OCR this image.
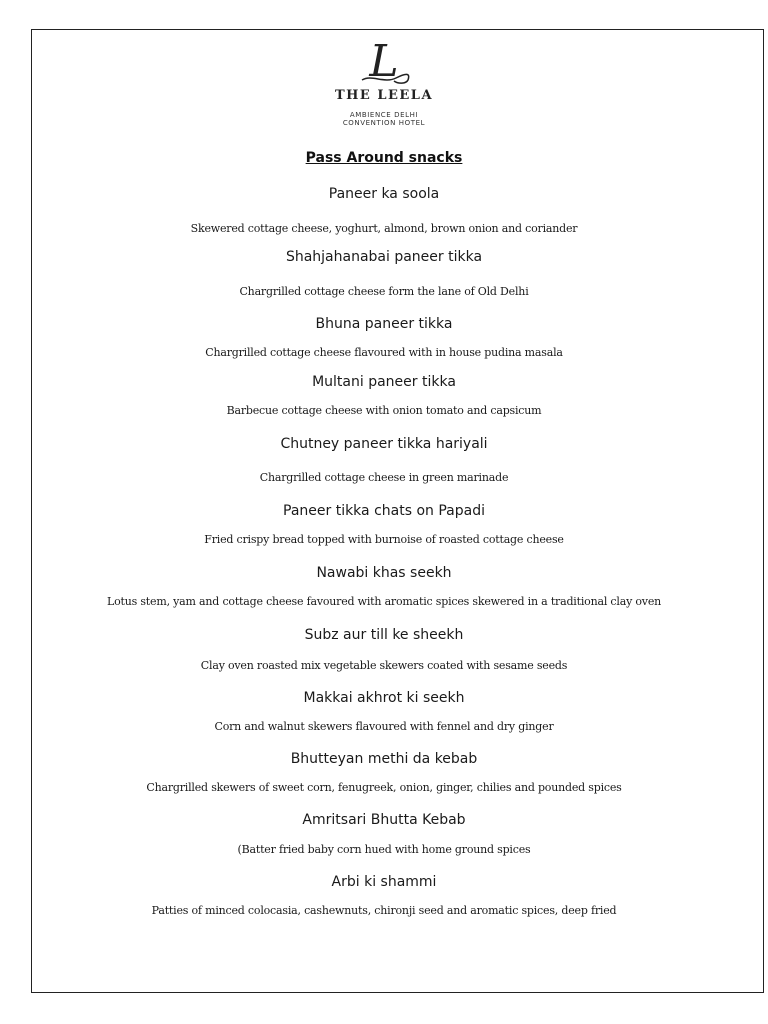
L
THE LEELA
AMBIENCE DELHI
CONVENTION HOTEL
Pass Around snacks
Paneer ka soola
Skewered cottage cheese, yoghurt, almond, brown onion and coriander
Shahjahanabai paneer tikka
Chargrilled cottage cheese form the lane of Old Delhi
Bhuna paneer tikka
Chargrilled cottage cheese flavoured with in house pudina masala
Multani paneer tikka
Barbecue cottage cheese with onion tomato and capsicum
Chutney paneer tikka hariyali
Chargrilled cottage cheese in green marinade
Paneer tikka chats on Papadi
Fried crispy bread topped with burnoise of roasted cottage cheese
Nawabi khas seekh
Lotus stem, yam and cottage cheese favoured with aromatic spices skewered in a traditional clay oven
Subz aur till ke sheekh
Clay oven roasted mix vegetable skewers coated with sesame seeds
Makkai akhrot ki seekh
Corn and walnut skewers flavoured with fennel and dry ginger
Bhutteyan methi da kebab
Chargrilled skewers of sweet corn, fenugreek, onion, ginger, chilies and pounded spices
Amritsari Bhutta Kebab
(Batter fried baby corn hued with home ground spices
Arbi ki shammi
Patties of minced colocasia, cashewnuts, chironji seed and aromatic spices, deep fried
